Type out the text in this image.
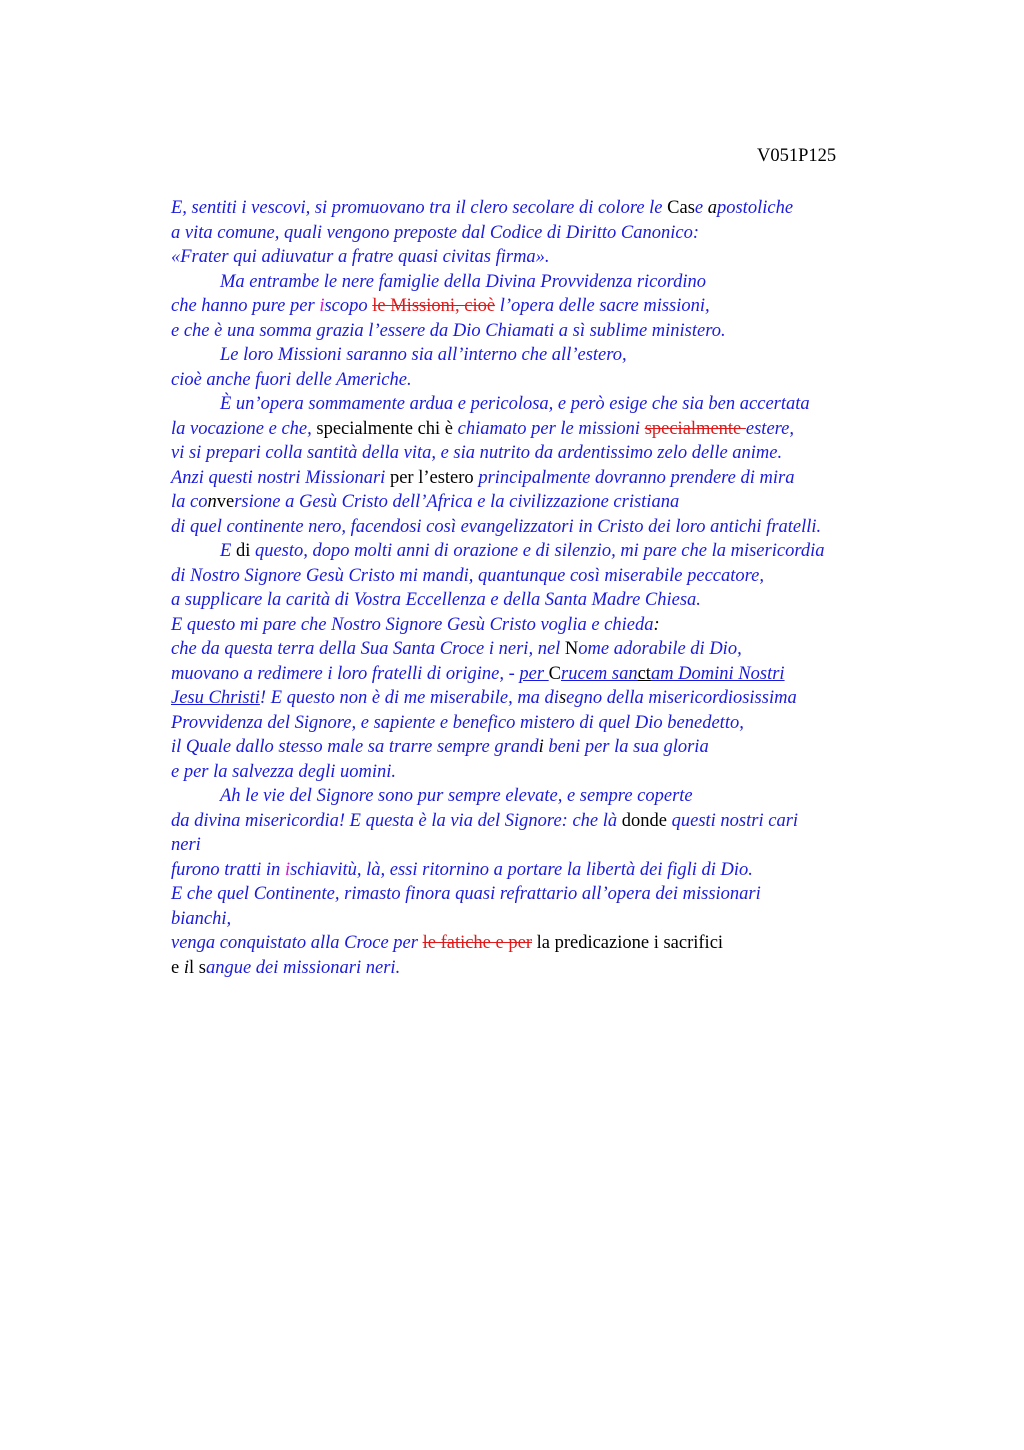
V051P125
E, sentiti i vescovi, si promuovano tra il clero secolare di colore le Case apostoliche
a vita comune, quali vengono preposte dal Codice di Diritto Canonico:
«Frater qui adiuvatur a fratre quasi civitas firma».
Ma entrambe le nere famiglie della Divina Provvidenza ricordino
che hanno pure per iscopo le Missioni, cioè l’opera delle sacre missioni,
e che è una somma grazia l’essere da Dio Chiamati a sì sublime ministero.
Le loro Missioni saranno sia all’interno che all’estero,
cioè anche fuori delle Americhe.
È un’opera sommamente ardua e pericolosa, e però esige che sia ben accertata
la vocazione e che, specialmente chi è chiamato per le missioni specialmente estere,
vi si prepari colla santità della vita, e sia nutrito da ardentissimo zelo delle anime.
Anzi questi nostri Missionari per l’estero principalmente dovranno prendere di mira
la conversione a Gesù Cristo dell’Africa e la civilizzazione cristiana
di quel continente nero, facendosi così evangelizzatori in Cristo dei loro antichi fratelli.
E di questo, dopo molti anni di orazione e di silenzio, mi pare che la misericordia
di Nostro Signore Gesù Cristo mi mandi, quantunque così miserabile peccatore,
a supplicare la carità di Vostra Eccellenza e della Santa Madre Chiesa.
E questo mi pare che Nostro Signore Gesù Cristo voglia e chieda:
che da questa terra della Sua Santa Croce i neri, nel Nome adorabile di Dio,
muovano a redimere i loro fratelli di origine, - per Crucem sanctam Domini Nostri
Jesu Christi! E questo non è di me miserabile, ma disegno della misericordiosissima
Provvidenza del Signore, e sapiente e benefico mistero di quel Dio benedetto,
il Quale dallo stesso male sa trarre sempre grandi beni per la sua gloria
e per la salvezza degli uomini.
Ah le vie del Signore sono pur sempre elevate, e sempre coperte
da divina misericordia! E questa è la via del Signore: che là donde questi nostri cari
neri
furono tratti in ischiavitù, là, essi ritornino a portare la libertà dei figli di Dio.
E che quel Continente, rimasto finora quasi refrattario all’opera dei missionari
bianchi,
venga conquistato alla Croce per le fatiche e per la predicazione i sacrifici
e il sangue dei missionari neri.
